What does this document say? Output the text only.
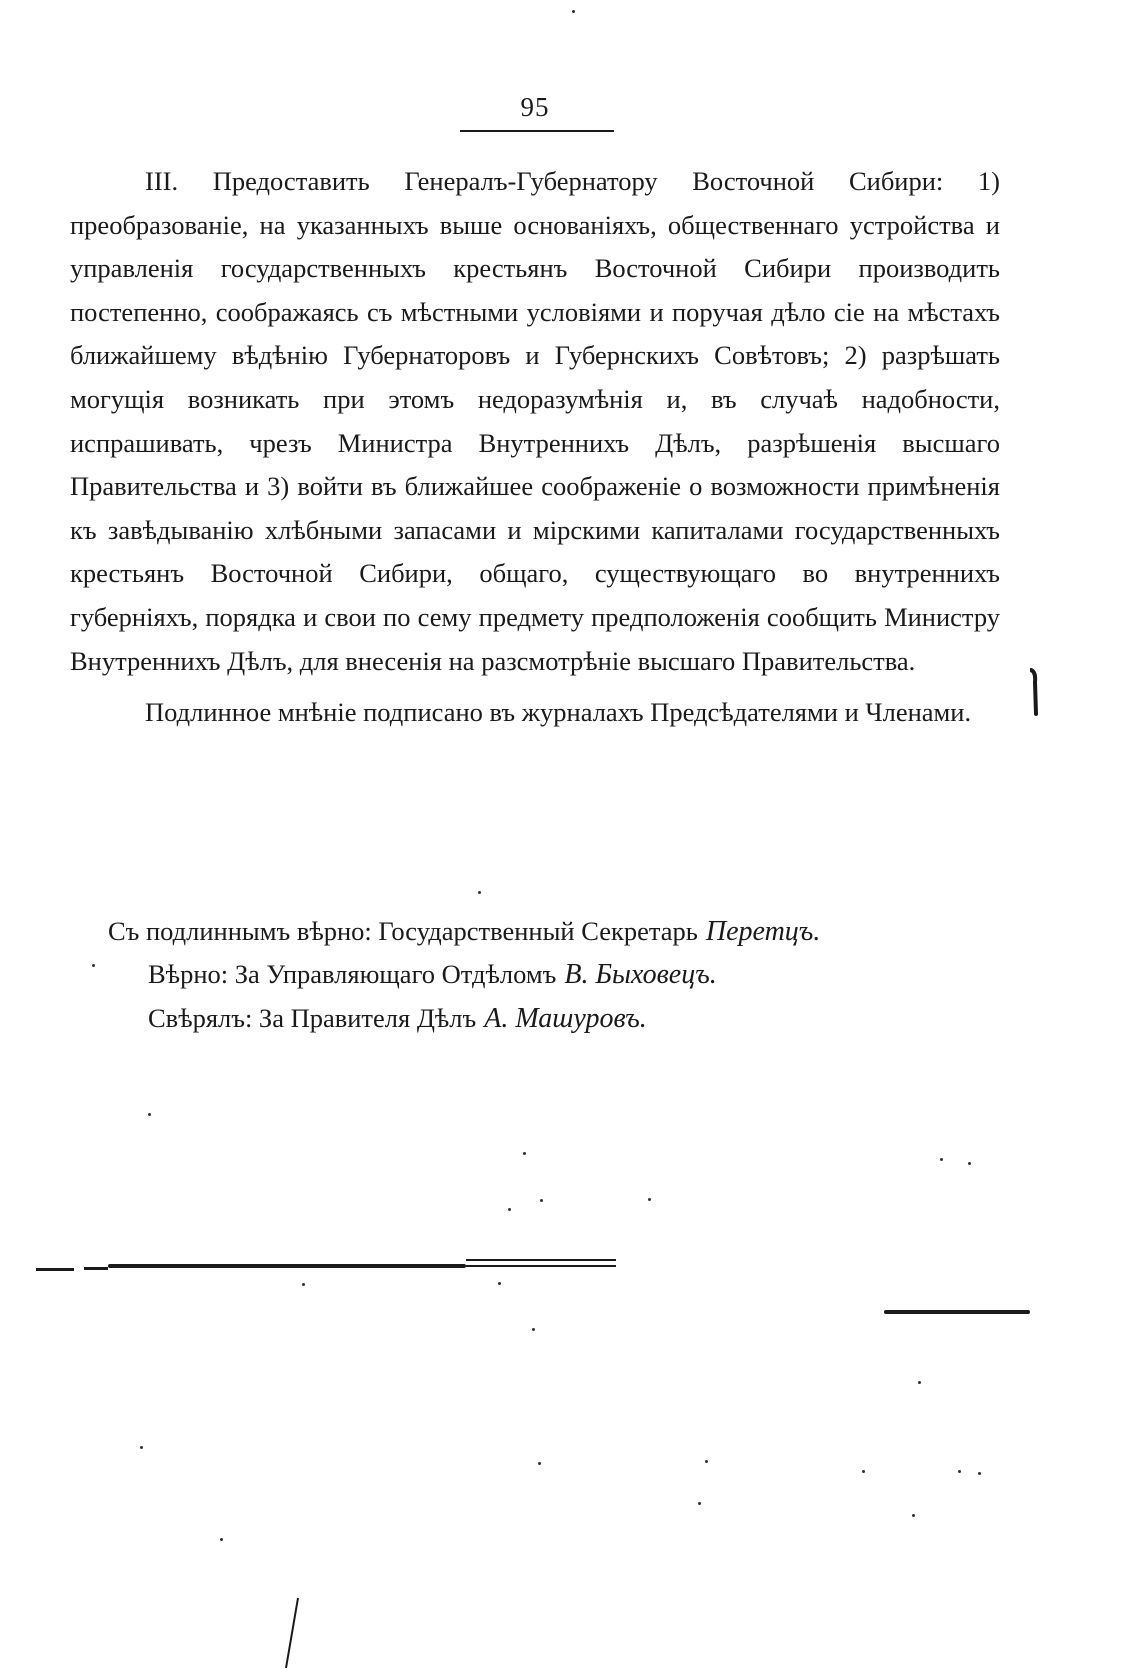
95

III. Предоставить Генералъ-Губернатору Восточной Сибири: 1) преобразованіе, на указанныхъ выше основаніяхъ, общественнаго устройства и управленія государственныхъ крестьянъ Восточной Сибири производить постепенно, соображаясь съ мѣстными условіями и поручая дѣло сіе на мѣстахъ ближайшему вѣдѣнію Губернаторовъ и Губернскихъ Совѣтовъ; 2) разрѣшать могущія возникать при этомъ недоразумѣнія и, въ случаѣ надобности, испрашивать, чрезъ Министра Внутреннихъ Дѣлъ, разрѣшенія высшаго Правительства и 3) войти въ ближайшее соображеніе о возможности примѣненія къ завѣдыванію хлѣбными запасами и мірскими капиталами государственныхъ крестьянъ Восточной Сибири, общаго, существующаго во внутреннихъ губерніяхъ, порядка и свои по сему предмету предположенія сообщить Министру Внутреннихъ Дѣлъ, для внесенія на разсмотрѣніе высшаго Правительства.

Подлинное мнѣніе подписано въ журналахъ Предсѣдателями и Членами.

Съ подлиннымъ вѣрно: Государственный Секретарь Перетцъ.
Вѣрно: За Управляющаго Отдѣломъ В. Быховецъ.
Свѣрялъ: За Правителя Дѣлъ А. Машуровъ.
